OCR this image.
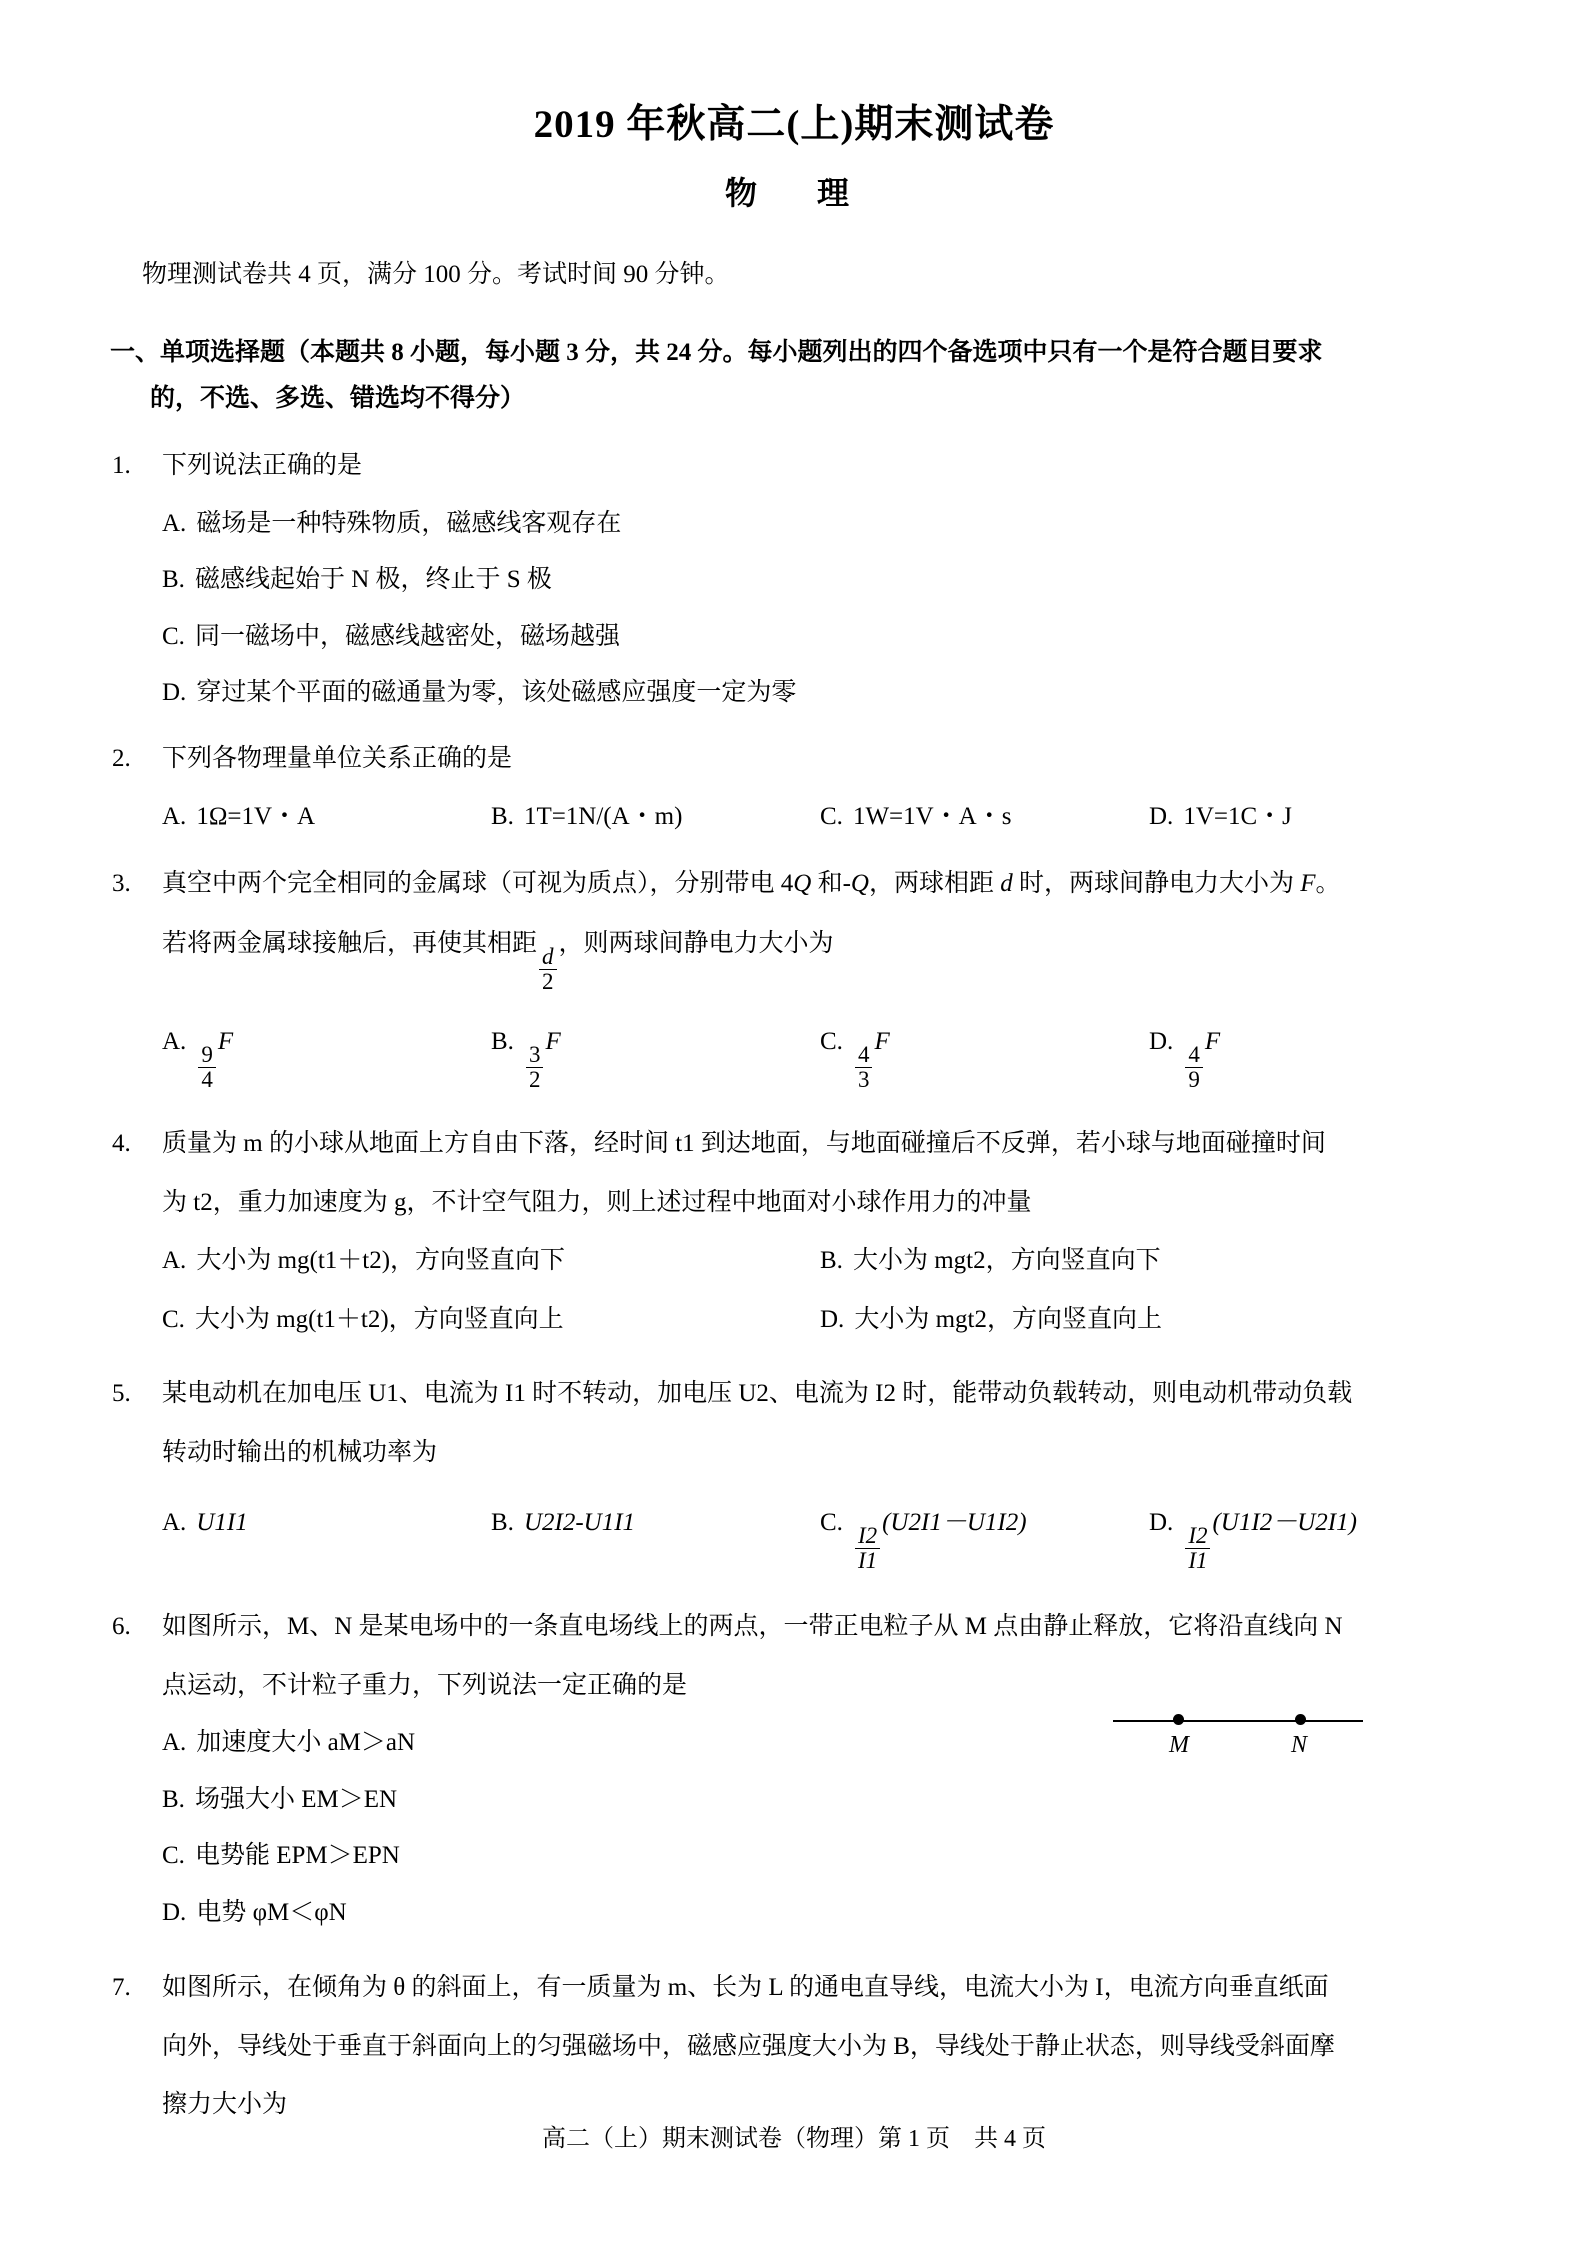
2019 年秋高二(上)期末测试卷
物　理
物理测试卷共 4 页，满分 100 分。考试时间 90 分钟。
一、单项选择题（本题共 8 小题，每小题 3 分，共 24 分。每小题列出的四个备选项中只有一个是符合题目要求
的，不选、多选、错选均不得分）
1.	下列说法正确的是
A. 磁场是一种特殊物质，磁感线客观存在
B. 磁感线起始于 N 极，终止于 S 极
C. 同一磁场中，磁感线越密处，磁场越强
D. 穿过某个平面的磁通量为零，该处磁感应强度一定为零
2.	下列各物理量单位关系正确的是
A. 1Ω=1V・A	B. 1T=1N/(A・m)	C. 1W=1V・A・s	D. 1V=1C・J
3.	真空中两个完全相同的金属球（可视为质点），分别带电 4Q 和-Q，两球相距 d 时，两球间静电力大小为 F。
若将两金属球接触后，再使其相距
$\frac{d}{2}$
，则两球间静电力大小为
A.
$\frac{9}{4}$
F	B.
$\frac{3}{2}$
F	C.
$\frac{4}{3}$
F	D.
$\frac{4}{9}$
F
4.	质量为 m 的小球从地面上方自由下落，经时间 t1 到达地面，与地面碰撞后不反弹，若小球与地面碰撞时间
为 t2，重力加速度为 g，不计空气阻力，则上述过程中地面对小球作用力的冲量
A. 大小为 mg(t1＋t2)，方向竖直向下	B. 大小为 mgt2，方向竖直向下
C. 大小为 mg(t1＋t2)，方向竖直向上	D. 大小为 mgt2，方向竖直向上
5.	某电动机在加电压 U1、电流为 I1 时不转动，加电压 U2、电流为 I2 时，能带动负载转动，则电动机带动负载
转动时输出的机械功率为
A. U1I1	B. U2I2-U1I1	C.
$\frac{I2}{I1}$
(U2I1－U1I2)	D.
$\frac{I2}{I1}$
(U1I2－U2I1)
6.	如图所示，M、N 是某电场中的一条直电场线上的两点，一带正电粒子从 M 点由静止释放，它将沿直线向 N
点运动，不计粒子重力，下列说法一定正确的是
A. 加速度大小 aM＞aN
B. 场强大小 EM＞EN
C. 电势能 EPM＞EPN
D. 电势 φM＜φN
7.	如图所示，在倾角为 θ 的斜面上，有一质量为 m、长为 L 的通电直导线，电流大小为 I，电流方向垂直纸面
向外，导线处于垂直于斜面向上的匀强磁场中，磁感应强度大小为 B，导线处于静止状态，则导线受斜面摩
擦力大小为
M	N
高二（上）期末测试卷（物理）第 1 页　共 4 页
